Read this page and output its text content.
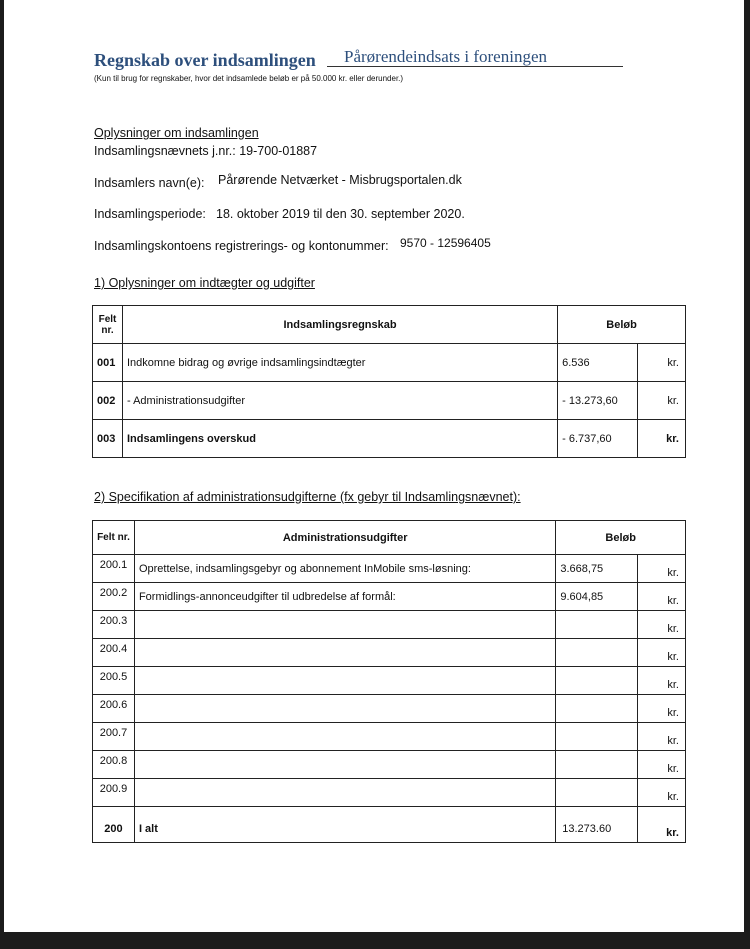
Regnskab over indsamlingen Pårørendeindsats i foreningen
(Kun til brug for regnskaber, hvor det indsamlede beløb er på 50.000 kr. eller derunder.)
Oplysninger om indsamlingen
Indsamlingsnævnets j.nr.: 19-700-01887
Indsamlers navn(e): Pårørende Netværket - Misbrugsportalen.dk
Indsamlingsperiode: 18. oktober 2019 til den 30. september 2020.
Indsamlingskontoens registrerings- og kontonummer: 9570 - 12596405
1) Oplysninger om indtægter og udgifter
Felt nr.	Indsamlingsregnskab	Beløb	
001	Indkomne bidrag og øvrige indsamlingsindtægter	6.536	kr.
002	- Administrationsudgifter	- 13.273,60	kr.
003	Indsamlingens overskud	- 6.737,60	kr.
2) Specifikation af administrationsudgifterne (fx gebyr til Indsamlingsnævnet):
Felt nr.	Administrationsudgifter	Beløb	
200.1	Oprettelse, indsamlingsgebyr og abonnement InMobile sms-løsning:	3.668,75	kr.
200.2	Formidlings-annonceudgifter til udbredelse af formål:	9.604,85	kr.
200.3			kr.
200.4			kr.
200.5			kr.
200.6			kr.
200.7			kr.
200.8			kr.
200.9			kr.

200	I alt	13.273.60	kr.
